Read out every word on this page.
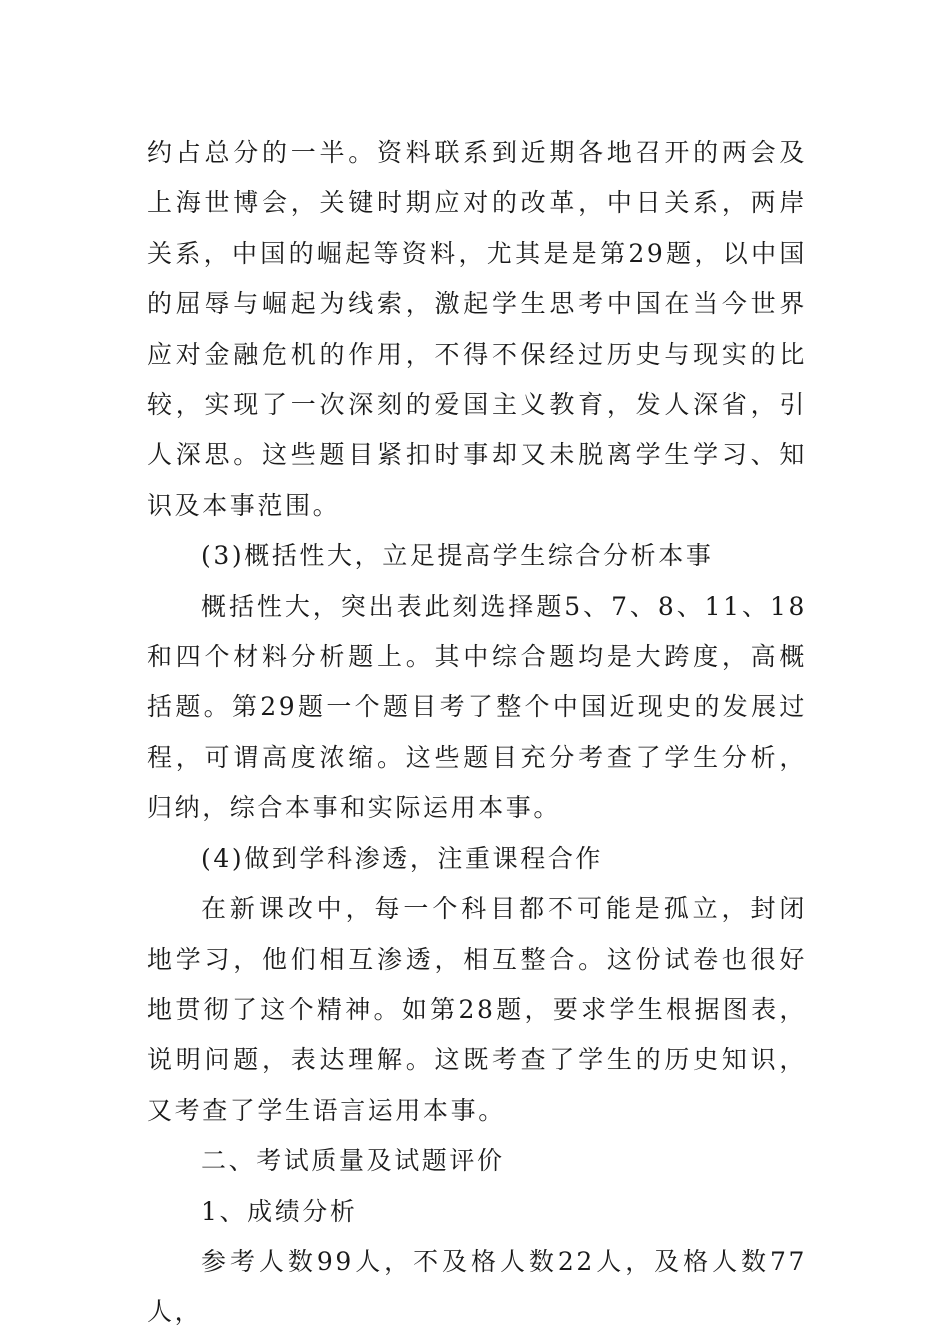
约占总分的一半。资料联系到近期各地召开的两会及上海世博会，关键时期应对的改革，中日关系，两岸关系，中国的崛起等资料，尤其是是第29题，以中国的屈辱与崛起为线索，激起学生思考中国在当今世界应对金融危机的作用，不得不保经过历史与现实的比较，实现了一次深刻的爱国主义教育，发人深省，引人深思。这些题目紧扣时事却又未脱离学生学习、知识及本事范围。

(3)概括性大，立足提高学生综合分析本事

概括性大，突出表此刻选择题5、7、8、11、18和四个材料分析题上。其中综合题均是大跨度，高概括题。第29题一个题目考了整个中国近现史的发展过程，可谓高度浓缩。这些题目充分考查了学生分析，归纳，综合本事和实际运用本事。

(4)做到学科渗透，注重课程合作

在新课改中，每一个科目都不可能是孤立，封闭地学习，他们相互渗透，相互整合。这份试卷也很好地贯彻了这个精神。如第28题，要求学生根据图表，说明问题，表达理解。这既考查了学生的历史知识，又考查了学生语言运用本事。

二、考试质量及试题评价

1、成绩分析

参考人数99人，不及格人数22人，及格人数77人，
